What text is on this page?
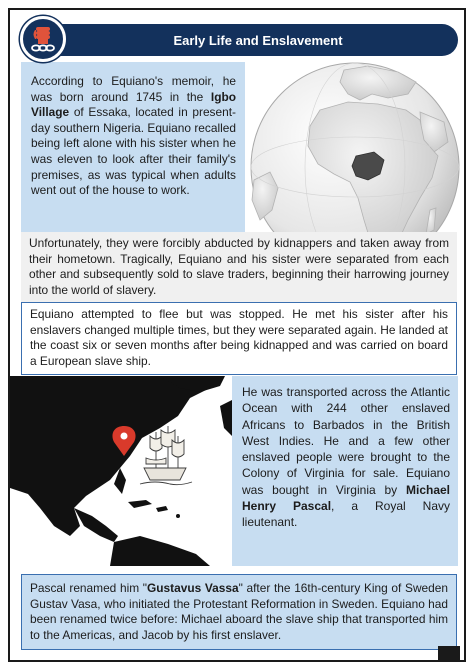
Early Life and Enslavement
According to Equiano's memoir, he was born around 1745 in the Igbo Village of Essaka, located in present-day southern Nigeria. Equiano recalled being left alone with his sister when he was eleven to look after their family's premises, as was typical when adults went out of the house to work.
Unfortunately, they were forcibly abducted by kidnappers and taken away from their hometown. Tragically, Equiano and his sister were separated from each other and subsequently sold to slave traders, beginning their harrowing journey into the world of slavery.
Equiano attempted to flee but was stopped. He met his sister after his enslavers changed multiple times, but they were separated again. He landed at the coast six or seven months after being kidnapped and was carried on board a European slave ship.
He was transported across the Atlantic Ocean with 244 other enslaved Africans to Barbados in the British West Indies. He and a few other enslaved people were brought to the Colony of Virginia for sale. Equiano was bought in Virginia by Michael Henry Pascal, a Royal Navy lieutenant.
Pascal renamed him "Gustavus Vassa" after the 16th-century King of Sweden Gustav Vasa, who initiated the Protestant Reformation in Sweden. Equiano had been renamed twice before: Michael aboard the slave ship that transported him to the Americas, and Jacob by his first enslaver.
